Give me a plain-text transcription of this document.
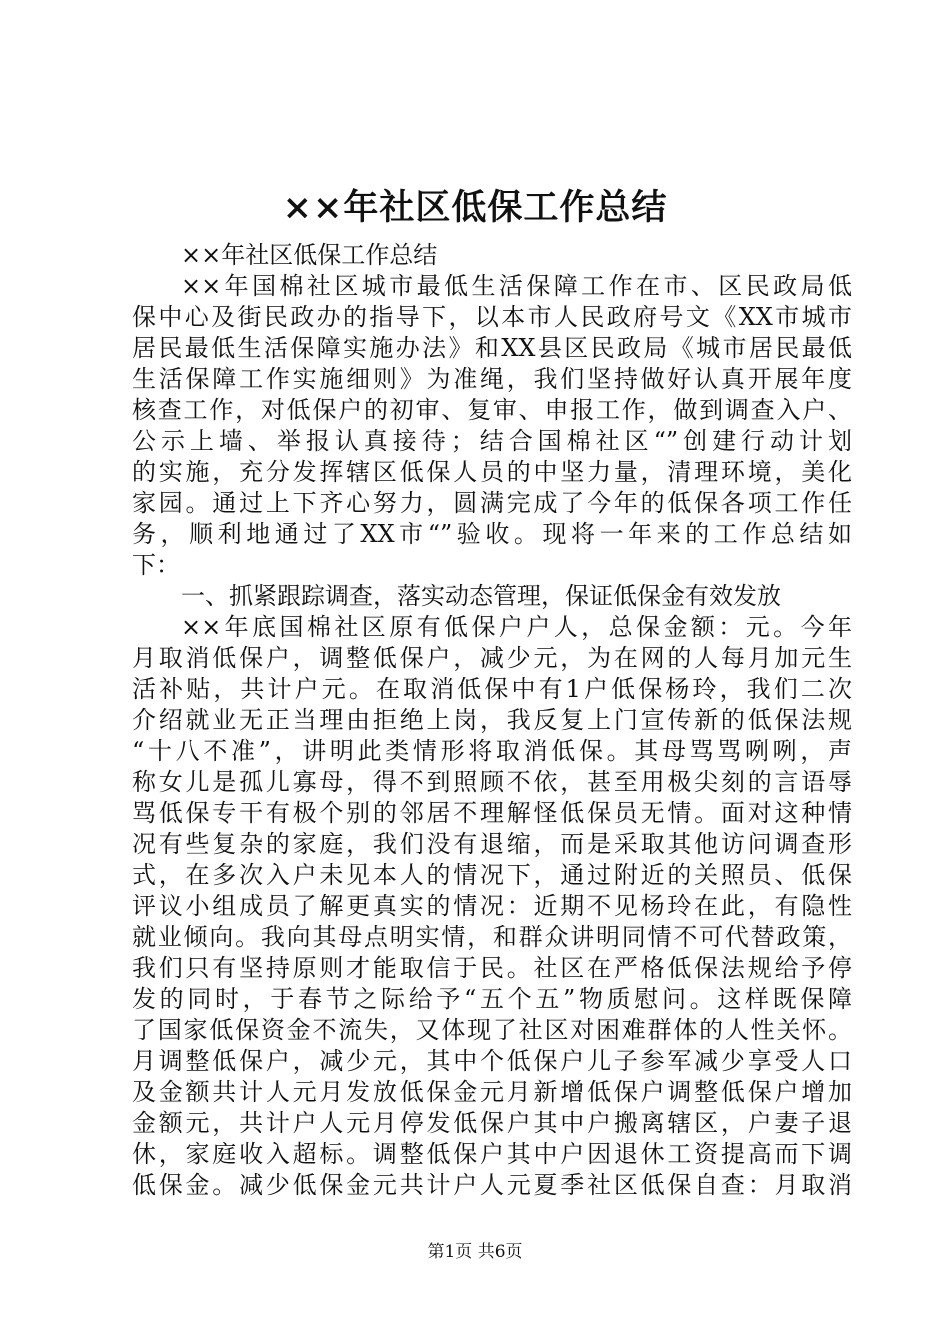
××年社区低保工作总结
××年社区低保工作总结
××年国棉社区城市最低生活保障工作在市、区民政局低
保中心及街民政办的指导下，以本市人民政府号文《XX市城市
居民最低生活保障实施办法》和XX县区民政局《城市居民最低
生活保障工作实施细则》为准绳，我们坚持做好认真开展年度
核查工作，对低保户的初审、复审、申报工作，做到调查入户、
公示上墙、举报认真接待；结合国棉社区“”创建行动计划
的实施，充分发挥辖区低保人员的中坚力量，清理环境，美化
家园。通过上下齐心努力，圆满完成了今年的低保各项工作任
务，顺利地通过了XX市“”验收。现将一年来的工作总结如
下：
一、抓紧跟踪调查，落实动态管理，保证低保金有效发放
××年底国棉社区原有低保户户人，总保金额：元。今年
月取消低保户，调整低保户，减少元，为在网的人每月加元生
活补贴，共计户元。在取消低保中有1户低保杨玲，我们二次
介绍就业无正当理由拒绝上岗，我反复上门宣传新的低保法规
“十八不准”，讲明此类情形将取消低保。其母骂骂咧咧，声
称女儿是孤儿寡母，得不到照顾不依，甚至用极尖刻的言语辱
骂低保专干有极个别的邻居不理解怪低保员无情。面对这种情
况有些复杂的家庭，我们没有退缩，而是采取其他访问调查形
式，在多次入户未见本人的情况下，通过附近的关照员、低保
评议小组成员了解更真实的情况：近期不见杨玲在此，有隐性
就业倾向。我向其母点明实情，和群众讲明同情不可代替政策，
我们只有坚持原则才能取信于民。社区在严格低保法规给予停
发的同时，于春节之际给予“五个五”物质慰问。这样既保障
了国家低保资金不流失，又体现了社区对困难群体的人性关怀。
月调整低保户，减少元，其中个低保户儿子参军减少享受人口
及金额共计人元月发放低保金元月新增低保户调整低保户增加
金额元，共计户人元月停发低保户其中户搬离辖区，户妻子退
休，家庭收入超标。调整低保户其中户因退休工资提高而下调
低保金。减少低保金元共计户人元夏季社区低保自查：月取消
第1页 共6页
